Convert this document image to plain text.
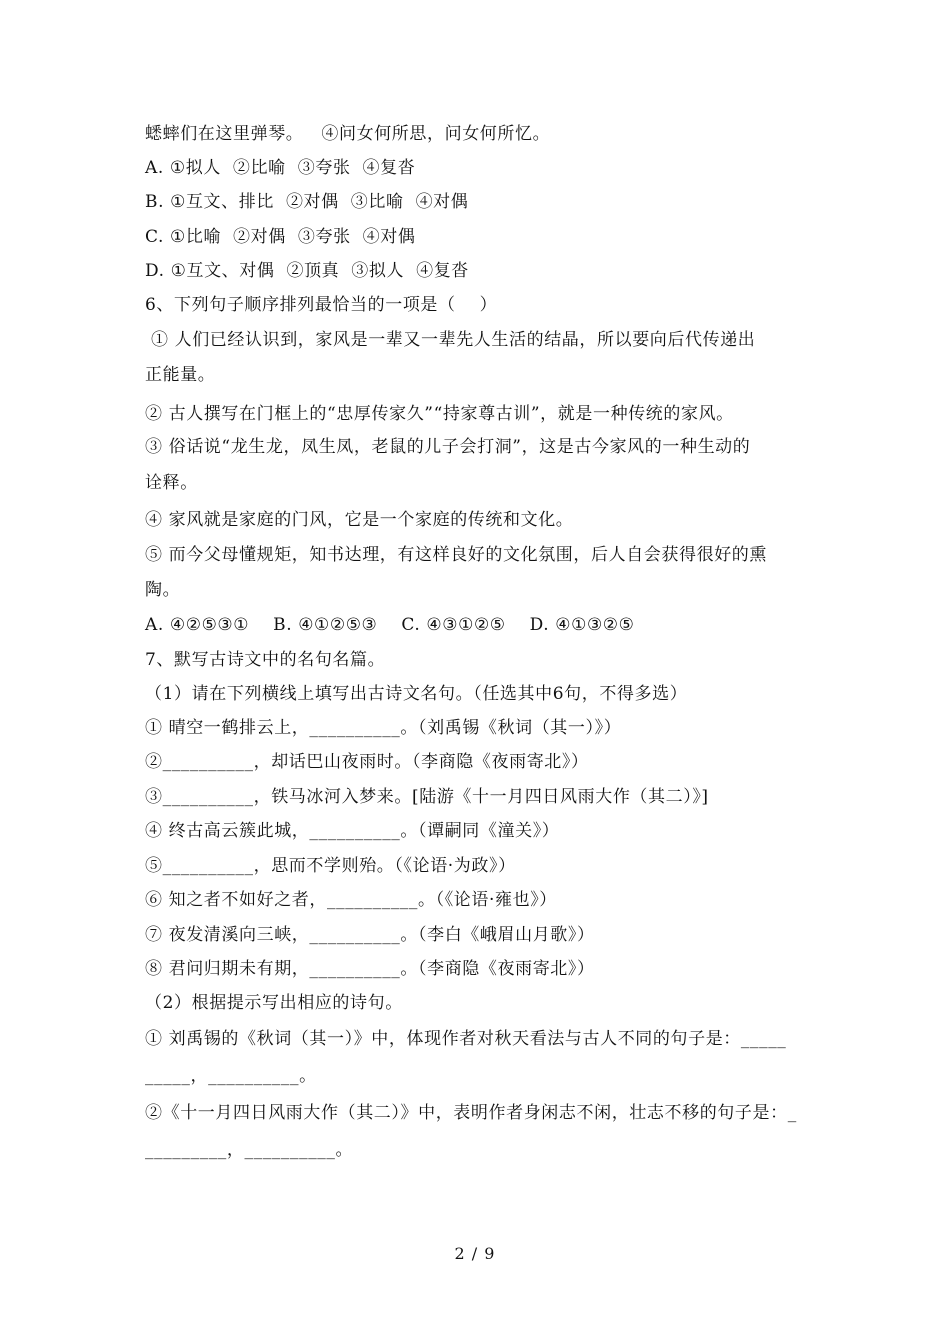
蟋蟀们在这里弹琴。   ④问女何所思，问女何所忆。
A. ①拟人  ②比喻  ③夸张  ④复沓
B. ①互文、排比  ②对偶  ③比喻  ④对偶
C. ①比喻  ②对偶  ③夸张  ④对偶
D. ①互文、对偶  ②顶真  ③拟人  ④复沓
6、下列句子顺序排列最恰当的一项是（    ）
① 人们已经认识到，家风是一辈又一辈先人生活的结晶，所以要向后代传递出
正能量。
② 古人撰写在门框上的“忠厚传家久”“持家尊古训”，就是一种传统的家风。
③ 俗话说“龙生龙，凤生凤，老鼠的儿子会打洞”，这是古今家风的一种生动的
诠释。
④ 家风就是家庭的门风，它是一个家庭的传统和文化。
⑤ 而今父母懂规矩，知书达理，有这样良好的文化氛围，后人自会获得很好的熏
陶。
A. ④②⑤③①    B. ④①②⑤③    C. ④③①②⑤    D. ④①③②⑤
7、默写古诗文中的名句名篇。
（1）请在下列横线上填写出古诗文名句。（任选其中6句，不得多选）
① 晴空一鹤排云上，__________。（刘禹锡《秋词（其一）》）
②__________，却话巴山夜雨时。（李商隐《夜雨寄北》）
③__________，铁马冰河入梦来。[陆游《十一月四日风雨大作（其二）》]
④ 终古高云簇此城，__________。（谭嗣同《潼关》）
⑤__________，思而不学则殆。（《论语·为政》）
⑥ 知之者不如好之者，__________。（《论语·雍也》）
⑦ 夜发清溪向三峡，__________。（李白《峨眉山月歌》）
⑧ 君问归期未有期，__________。（李商隐《夜雨寄北》）
（2）根据提示写出相应的诗句。
① 刘禹锡的《秋词（其一）》中，体现作者对秋天看法与古人不同的句子是：_____
_____，__________。
②《十一月四日风雨大作（其二）》中，表明作者身闲志不闲，壮志不移的句子是：_
_________，__________。
2 / 9
